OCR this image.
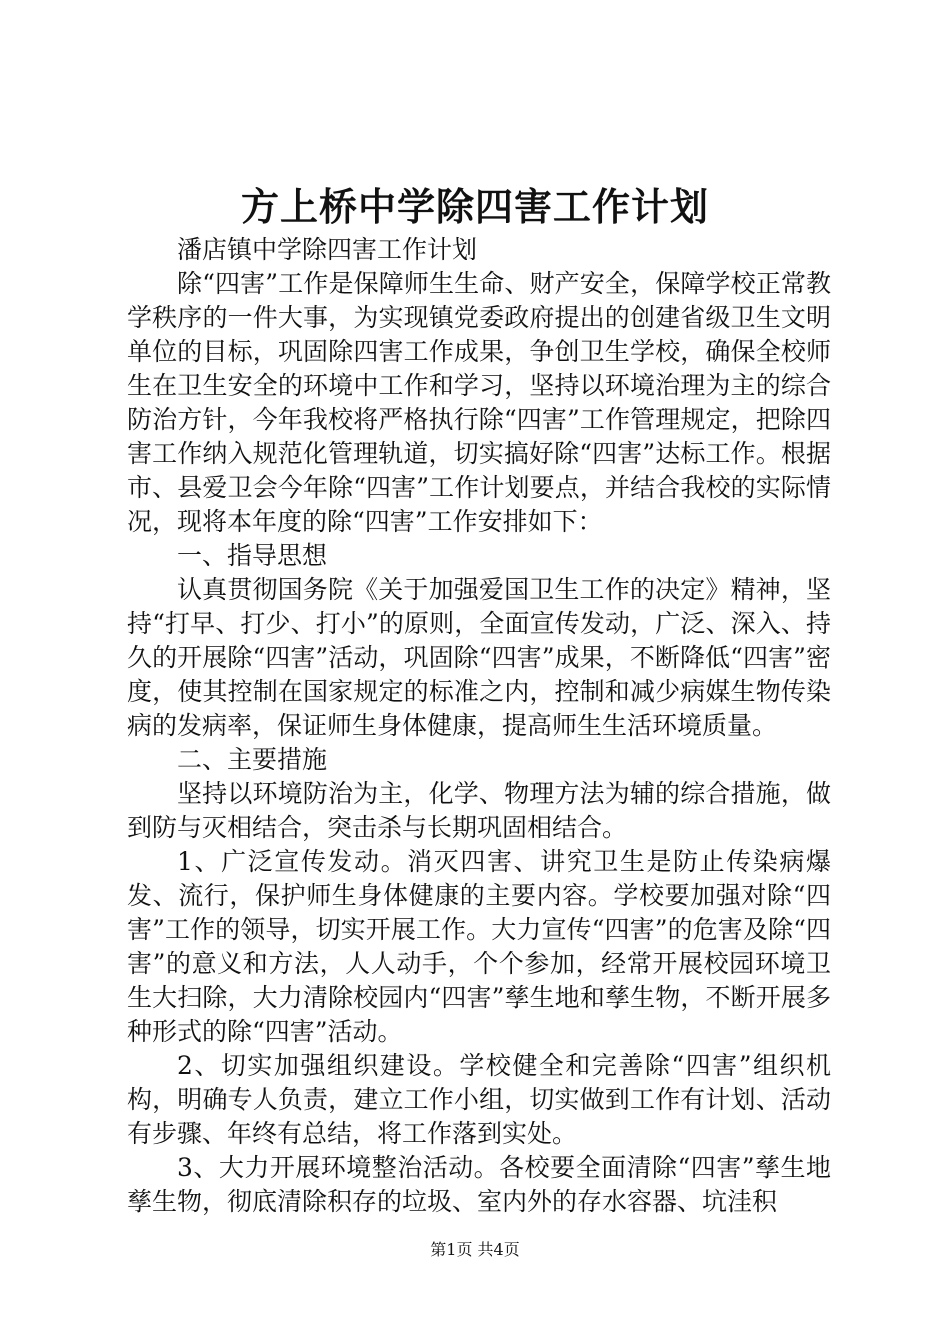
方上桥中学除四害工作计划

潘店镇中学除四害工作计划

除“四害”工作是保障师生生命、财产安全，保障学校正常教学秩序的一件大事，为实现镇党委政府提出的创建省级卫生文明单位的目标，巩固除四害工作成果，争创卫生学校，确保全校师生在卫生安全的环境中工作和学习，坚持以环境治理为主的综合防治方针，今年我校将严格执行除“四害”工作管理规定，把除四害工作纳入规范化管理轨道，切实搞好除“四害”达标工作。根据市、县爱卫会今年除“四害”工作计划要点，并结合我校的实际情况，现将本年度的除“四害”工作安排如下：

一、指导思想

认真贯彻国务院《关于加强爱国卫生工作的决定》精神，坚持“打早、打少、打小”的原则，全面宣传发动，广泛、深入、持久的开展除“四害”活动，巩固除“四害”成果，不断降低“四害”密度，使其控制在国家规定的标准之内，控制和减少病媒生物传染病的发病率，保证师生身体健康，提高师生生活环境质量。

二、主要措施

坚持以环境防治为主，化学、物理方法为辅的综合措施，做到防与灭相结合，突击杀与长期巩固相结合。

1、广泛宣传发动。消灭四害、讲究卫生是防止传染病爆发、流行，保护师生身体健康的主要内容。学校要加强对除“四害”工作的领导，切实开展工作。大力宣传“四害”的危害及除“四害”的意义和方法，人人动手，个个参加，经常开展校园环境卫生大扫除，大力清除校园内“四害”孳生地和孳生物，不断开展多种形式的除“四害”活动。

2、切实加强组织建设。学校健全和完善除“四害”组织机构，明确专人负责，建立工作小组，切实做到工作有计划、活动有步骤、年终有总结，将工作落到实处。

3、大力开展环境整治活动。各校要全面清除“四害”孳生地孳生物，彻底清除积存的垃圾、室内外的存水容器、坑洼积

第1页 共4页
